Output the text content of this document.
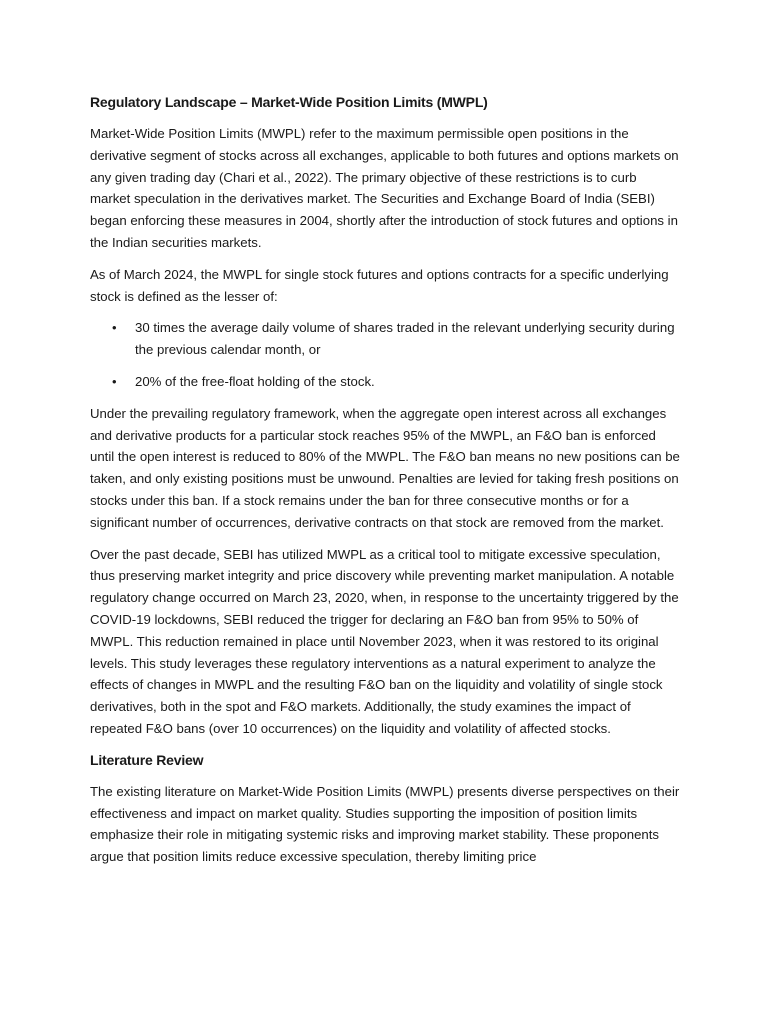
Regulatory Landscape – Market-Wide Position Limits (MWPL)

Market-Wide Position Limits (MWPL) refer to the maximum permissible open positions in the derivative segment of stocks across all exchanges, applicable to both futures and options markets on any given trading day (Chari et al., 2022). The primary objective of these restrictions is to curb market speculation in the derivatives market. The Securities and Exchange Board of India (SEBI) began enforcing these measures in 2004, shortly after the introduction of stock futures and options in the Indian securities markets.

As of March 2024, the MWPL for single stock futures and options contracts for a specific underlying stock is defined as the lesser of:

• 30 times the average daily volume of shares traded in the relevant underlying security during the previous calendar month, or
• 20% of the free-float holding of the stock.

Under the prevailing regulatory framework, when the aggregate open interest across all exchanges and derivative products for a particular stock reaches 95% of the MWPL, an F&O ban is enforced until the open interest is reduced to 80% of the MWPL. The F&O ban means no new positions can be taken, and only existing positions must be unwound. Penalties are levied for taking fresh positions on stocks under this ban. If a stock remains under the ban for three consecutive months or for a significant number of occurrences, derivative contracts on that stock are removed from the market.

Over the past decade, SEBI has utilized MWPL as a critical tool to mitigate excessive speculation, thus preserving market integrity and price discovery while preventing market manipulation. A notable regulatory change occurred on March 23, 2020, when, in response to the uncertainty triggered by the COVID-19 lockdowns, SEBI reduced the trigger for declaring an F&O ban from 95% to 50% of MWPL. This reduction remained in place until November 2023, when it was restored to its original levels. This study leverages these regulatory interventions as a natural experiment to analyze the effects of changes in MWPL and the resulting F&O ban on the liquidity and volatility of single stock derivatives, both in the spot and F&O markets. Additionally, the study examines the impact of repeated F&O bans (over 10 occurrences) on the liquidity and volatility of affected stocks.

Literature Review

The existing literature on Market-Wide Position Limits (MWPL) presents diverse perspectives on their effectiveness and impact on market quality. Studies supporting the imposition of position limits emphasize their role in mitigating systemic risks and improving market stability. These proponents argue that position limits reduce excessive speculation, thereby limiting price
